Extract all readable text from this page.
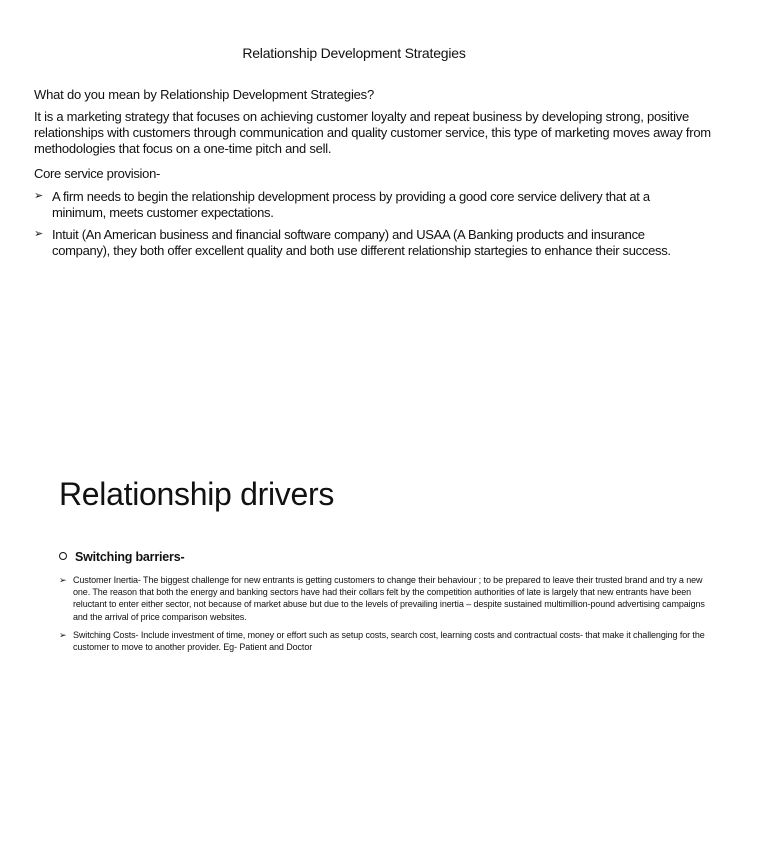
Relationship Development Strategies
What do you mean by Relationship Development Strategies?

It is a marketing strategy that focuses on achieving customer loyalty and repeat business by developing strong, positive relationships with customers through communication and quality customer service, this type of marketing moves away from methodologies that focus on a one-time pitch and sell.

Core service provision-
➢ A firm needs to begin the relationship development process by providing a good core service delivery that at a minimum, meets customer expectations.
➢ Intuit (An American business and financial software company) and USAA (A Banking products and insurance company), they both offer excellent quality and both use different relationship startegies to enhance their success.
Relationship drivers
Switching barriers-
➢ Customer Inertia- The biggest challenge for new entrants is getting customers to change their behaviour ; to be prepared to leave their trusted brand and try a new one. The reason that both the energy and banking sectors have had their collars felt by the competition authorities of late is largely that new entrants have been reluctant to enter either sector, not because of market abuse but due to the levels of prevailing inertia – despite sustained multimillion-pound advertising campaigns and the arrival of price comparison websites.
➢ Switching Costs- Include investment of time, money or effort such as setup costs, search cost, learning costs and contractual costs- that make it challenging for the customer to move to another provider. Eg- Patient and Doctor
